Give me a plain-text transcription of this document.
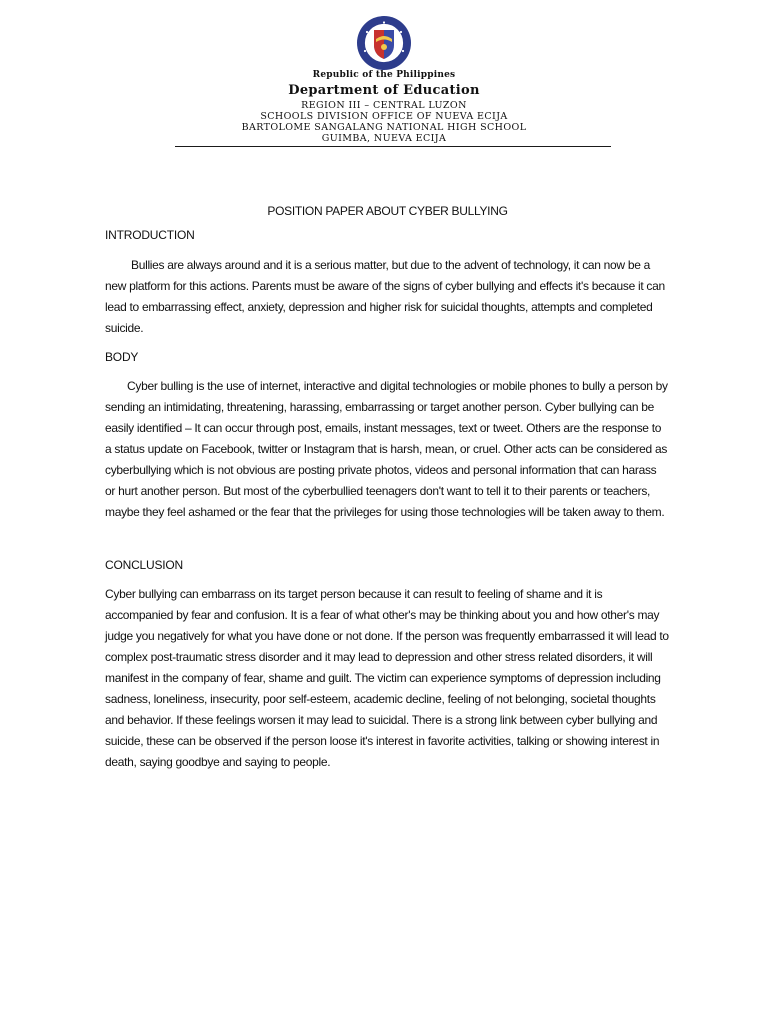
Republic of the Philippines
Department of Education
REGION III – CENTRAL LUZON
SCHOOLS DIVISION OFFICE OF NUEVA ECIJA
BARTOLOME SANGALANG NATIONAL HIGH SCHOOL
GUIMBA, NUEVA ECIJA
POSITION PAPER ABOUT CYBER BULLYING
INTRODUCTION

Bullies are always around and it is a serious matter, but due to the advent of technology, it can now be a new platform for this actions. Parents must be aware of the signs of cyber bullying and effects it's because it can lead to embarrassing effect, anxiety, depression and higher risk for suicidal thoughts, attempts and completed suicide.

BODY

Cyber bulling is the use of internet, interactive and digital technologies or mobile phones to bully a person by sending an intimidating, threatening, harassing, embarrassing or target another person. Cyber bullying can be easily identified – It can occur through post, emails, instant messages, text or tweet. Others are the response to a status update on Facebook, twitter or Instagram that is harsh, mean, or cruel. Other acts can be considered as cyberbullying which is not obvious are posting private photos, videos and personal information that can harass or hurt another person. But most of the cyberbullied teenagers don't want to tell it to their parents or teachers, maybe they feel ashamed or the fear that the privileges for using those technologies will be taken away to them.

CONCLUSION

Cyber bullying can embarrass on its target person because it can result to feeling of shame and it is accompanied by fear and confusion. It is a fear of what other's may be thinking about you and how other's may judge you negatively for what you have done or not done. If the person was frequently embarrassed it will lead to complex post-traumatic stress disorder and it may lead to depression and other stress related disorders, it will manifest in the company of fear, shame and guilt. The victim can experience symptoms of depression including sadness, loneliness, insecurity, poor self-esteem, academic decline, feeling of not belonging, societal thoughts and behavior. If these feelings worsen it may lead to suicidal. There is a strong link between cyber bullying and suicide, these can be observed if the person loose it's interest in favorite activities, talking or showing interest in death, saying goodbye and saying to people.
